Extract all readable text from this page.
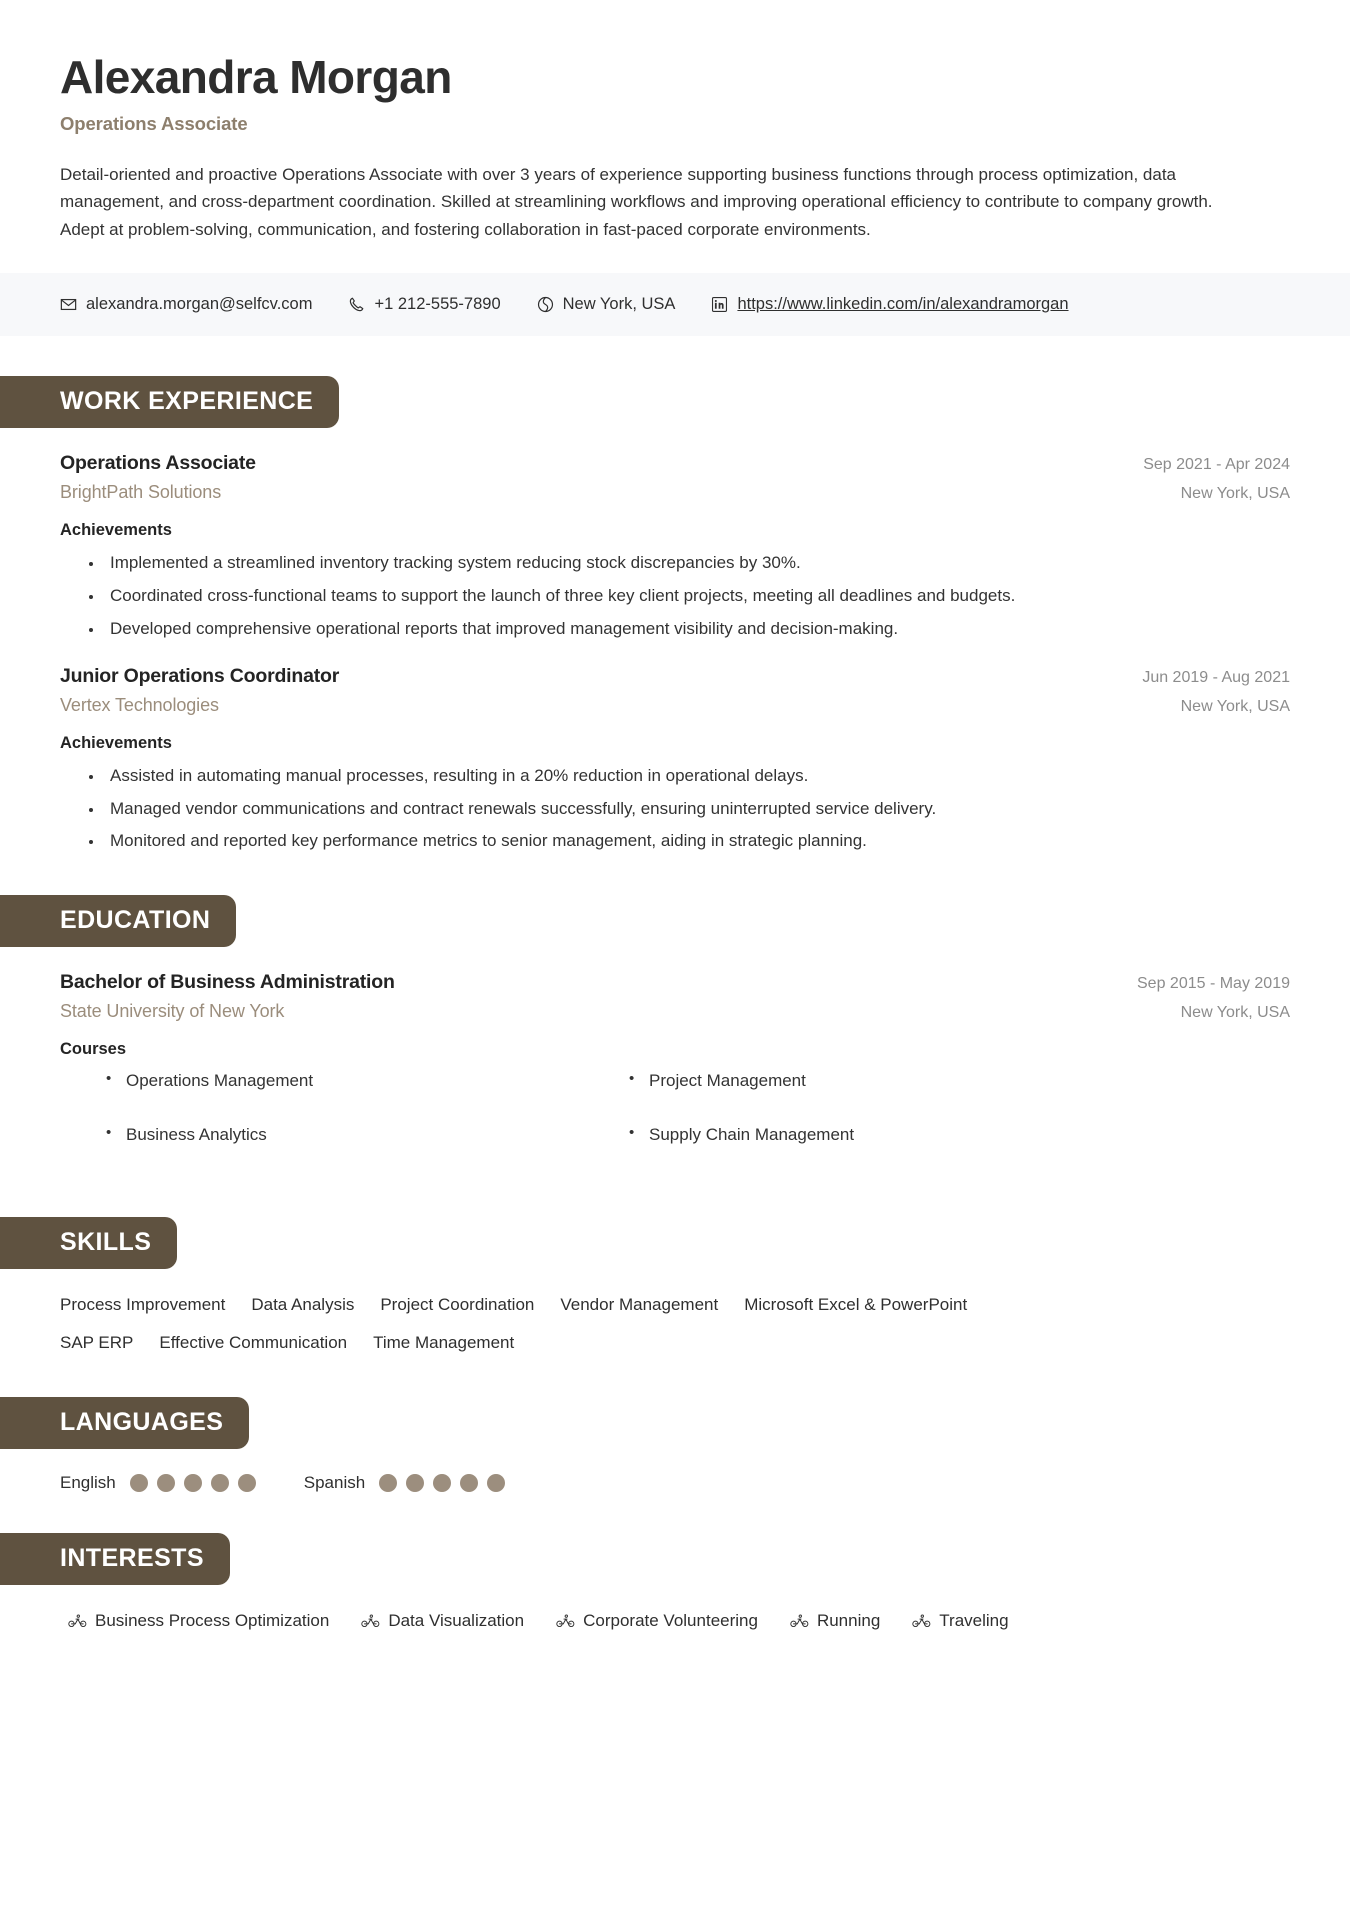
Alexandra Morgan
Operations Associate
Detail-oriented and proactive Operations Associate with over 3 years of experience supporting business functions through process optimization, data management, and cross-department coordination. Skilled at streamlining workflows and improving operational efficiency to contribute to company growth. Adept at problem-solving, communication, and fostering collaboration in fast-paced corporate environments.
alexandra.morgan@selfcv.com	+1 212-555-7890	New York, USA	https://www.linkedin.com/in/alexandramorgan
WORK EXPERIENCE
Operations Associate	Sep 2021 - Apr 2024
BrightPath Solutions	New York, USA
Achievements
• Implemented a streamlined inventory tracking system reducing stock discrepancies by 30%.
• Coordinated cross-functional teams to support the launch of three key client projects, meeting all deadlines and budgets.
• Developed comprehensive operational reports that improved management visibility and decision-making.
Junior Operations Coordinator	Jun 2019 - Aug 2021
Vertex Technologies	New York, USA
Achievements
• Assisted in automating manual processes, resulting in a 20% reduction in operational delays.
• Managed vendor communications and contract renewals successfully, ensuring uninterrupted service delivery.
• Monitored and reported key performance metrics to senior management, aiding in strategic planning.
EDUCATION
Bachelor of Business Administration	Sep 2015 - May 2019
State University of New York	New York, USA
Courses
• Operations Management	• Project Management
• Business Analytics	• Supply Chain Management
SKILLS
Process Improvement Data Analysis Project Coordination Vendor Management Microsoft Excel & PowerPoint
SAP ERP Effective Communication Time Management
LANGUAGES
English	Spanish
INTERESTS
Business Process Optimization	Data Visualization	Corporate Volunteering	Running	Traveling
